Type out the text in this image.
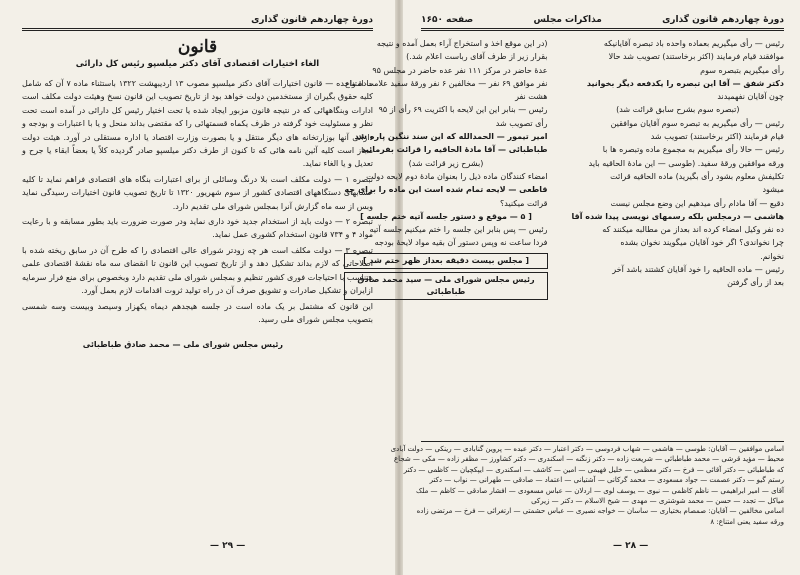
دورهٔ چهاردهم قانون گذاری
قانون
الغاء اختیارات اقتصادی آقای دکتر میلسپو رئیس کل دارائی

مادهٔ واحده — قانون اختیارات آقای دکتر میلسپو مصوب ۱۳ اردیبهشت ۱۳۲۲ باستثناء ماده ۷ آن که شامل کلیه حقوق بگیران از مستخدمین دولت خواهد بود از تاریخ تصویب این قانون نسخ وهیئت دولت مکلف است ادارات وبنگاههائی که در نتیجه قانون مزبور ایجاد شده یا تحت اختیار رئیس کل دارائی در آمده است تحت نظر و مسئولیت خود گرفته در ظرف یکماه قسمتهائی را که مقتضی بداند منحل و یا با اعتبارات و بودجه و دارائی آنها بوزارتخانه های دیگر منتقل و یا بصورت وزارت اقتصاد یا اداره مستقلی در آورد. هیئت دولت مجاز است کلیه آئین نامه هائی که تا کنون از طرف دکتر میلسپو صادر گردیده کلاً یا بعضاً ابقاء یا جرح و تعدیل و یا الغاء نماید.

تبصره ۱ — دولت مکلف است بلا درنگ وسائلی از برای اعتبارات بنگاه های اقتصادی فراهم نماید تا کلیه حسابهای دستگاههای اقتصادی کشور از سوم شهریور ۱۳۲۰ تا تاریخ تصویب قانون اختیارات رسیدگی نماید وبس از سه ماه گزارش آنرا بمجلس شورای ملی تقدیم دارد.

تبصره ۲ — دولت باید از استخدام جدید خود داری نماید ودر صورت ضرورت باید بطور مسابقه و با رعایت مواد ۴ و ۷۳۴ قانون استخدام کشوری عمل نماید.

تبصره ۳ — دولت مکلف است هر چه زودتر شورای عالی اقتصادی را که طرح آن در سابق ریخته شده با اصلاحاتی که لازم بداند تشکیل دهد و از تاریخ تصویب این قانون تا انقضای سه ماه نقشهٔ اقتصادی علمی متناسب با احتیاجات فوری کشور تنظیم و بمجلس شورای ملی تقدیم دارد وبخصوص برای منع فرار سرمایه ازایران و تشکیل صادرات و تشویق صرف آن در راه تولید ثروت اقدامات لازم بعمل آورد.

این قانون که مشتمل بر یک ماده است در جلسه هیجدهم دیماه یکهزار وسیصد وبیست وسه شمسی بتصویب مجلس شورای ملی رسید.

رئیس مجلس شورای ملی — محمد صادق طباطبائی
— ۲۹ —
دورهٔ چهاردهم قانون گذاری
مذاکرات مجلس
صفحه ۱۶۵۰
رئیس — رأی میگیریم بعماده واحده باد تبصره آقایانیکه
موافقند قیام فرمایند (اکثر برخاستند) تصویب شد حالا
رأی میگیریم بتبصره سوم
دکتر شفق — آقا این تبصره را یکدفعه دیگر بخوانید
چون آقایان نفهمیدند
(تبصره سوم بشرح سابق قرائت شد)
رئیس — رأی میگیریم به تبصره سوم آقایان موافقین
قیام فرمایند (اکثر برخاستند) تصویب شد
رئیس — حالا رأی میگیریم به مجموع ماده وتبصره ها با
ورقه موافقین ورقهٔ سفید. (طوسی — این مادهٔ الحاقیه باید
تکلیفش معلوم بشود رأی بگیرید) ماده الحاقیه قرائت
میشود
دقیع — آقا مادام رأی میدهیم این وضع مجلس نیست
هاشمی — درمجلس بلکه رسمهای نویسی پیدا شده آقا
ده نفر وکیل امضاء کرده اند بعداز من مطالبه میکنند که
چرا نخواندی؟ اگر خود آقایان میگویند نخوان بشده
نخوانم.
رئیس — ماده الحاقیه را خود آقایان کشتند باشد آخر
بعد از رأی گرفتن
(در این موقع اخذ و استخراج آراء بعمل آمده و نتیجه
بقرار زیر از طرف آقای رباست اعلام شد.)
عدهٔ حاضر در مرکز ۱۱۱ نفر عده حاضر در مجلس ۹۵
نفر موافق ۶۹ نفر — مخالفین ۶ نفر ورقهٔ سفید علامت امتناع
هشت نفر
رئیس — بنابر این این لایحه با اکثریت ۶۹ رأی از ۹۵
رأی تصویب شد
امیر تیمور — الحمدالله که این سند ننگین پاره شد
طباطبائی — آقا مادهٔ الحاقیه را قرائت بفرمائید
(بشرح زیر قرائت شد)
امضاء کنندگان ماده ذیل را بعنوان مادهٔ دوم لایحه دولت
قاطعی — لایحه تمام شده است این ماده را برای چه
قرائت میکنید؟
[ ۵ — موقع و دستور جلسه آتیه ختم جلسه ]
رئیس — پس بنابر این جلسه را ختم میکنیم جلسه آتیه
فردا ساعت نه وپس دستور آن بقیه مواد لایحهٔ بودجه
[ مجلس بیست دقیقه بعداز ظهر ختم شد ]
رئیس مجلس شورای ملی — سید محمد صادق طباطبائی
اسامی موافقین — آقایان: طوسی — هاشمی — شهاب فردوسی — دکتر اعتبار — دکتر عبده — پروین گنابادی — رینکی — دولت آبادی
محیط — مؤید قرشی — محمد طباطبائی — شریعت زاده — دکتر زنگنه — اسکندری — دکتر کشاورز — مظفر زاده — مکی — شجاع
که طباطبائی — دکتر آقائی — فرخ — دکتر معظمی — خلیل فهیمی — امین — کاشف — اسکندری — ایپکچیان — کاظمی — دکتر
رستم گیو — دکتر عصمت — جواد مسعودی — محمد گرکانی — آشتیانی — اعتماد — صادقی — طهرانی — نواب — دکتر
آقای — امیر ابراهیمی — ناظم کاظمی — نبوی — یوسف لوی — اردلان — عباس مسعودی — افشار صادقی — کاظم — ملک
میاکل — تجدد — حسن — محمد شوشتری — مهدی — شیخ الاسلام — دکتر — زیرکی
اسامی مخالفین — آقایان: صمصام بختیاری — ساسان — خواجه نصیری — عباس حشمتی — ارتغرائی — فرخ — مرتضی زاده
ورقه سفید یعنی امتناع: ۸
— ۲۸ —
